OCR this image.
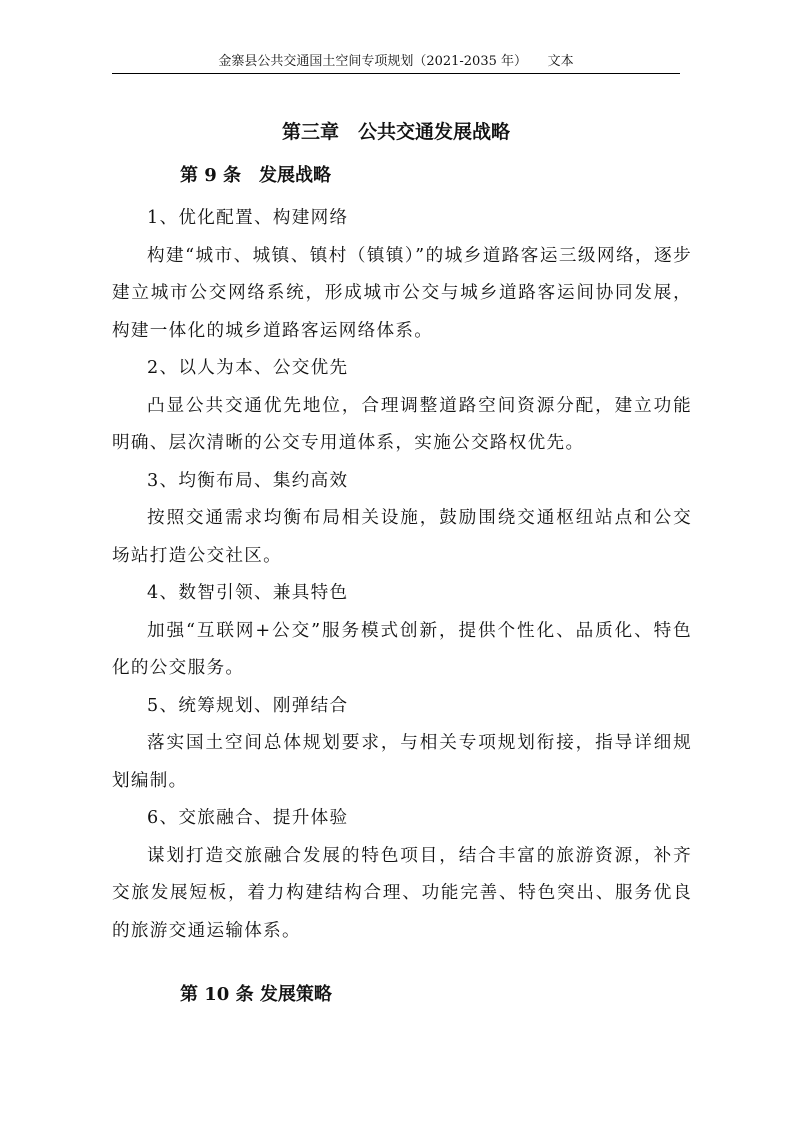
金寨县公共交通国土空间专项规划（2021-2035 年）     文本
第三章　公共交通发展战略
第 9 条　发展战略

1、优化配置、构建网络

构建“城市、城镇、镇村（镇镇）”的城乡道路客运三级网络，逐步建立城市公交网络系统，形成城市公交与城乡道路客运间协同发展，构建一体化的城乡道路客运网络体系。

2、以人为本、公交优先

凸显公共交通优先地位，合理调整道路空间资源分配，建立功能明确、层次清晰的公交专用道体系，实施公交路权优先。

3、均衡布局、集约高效

按照交通需求均衡布局相关设施，鼓励围绕交通枢纽站点和公交场站打造公交社区。

4、数智引领、兼具特色

加强“互联网+公交”服务模式创新，提供个性化、品质化、特色化的公交服务。

5、统筹规划、刚弹结合

落实国土空间总体规划要求，与相关专项规划衔接，指导详细规划编制。

6、交旅融合、提升体验

谋划打造交旅融合发展的特色项目，结合丰富的旅游资源，补齐交旅发展短板，着力构建结构合理、功能完善、特色突出、服务优良的旅游交通运输体系。

第 10 条 发展策略
